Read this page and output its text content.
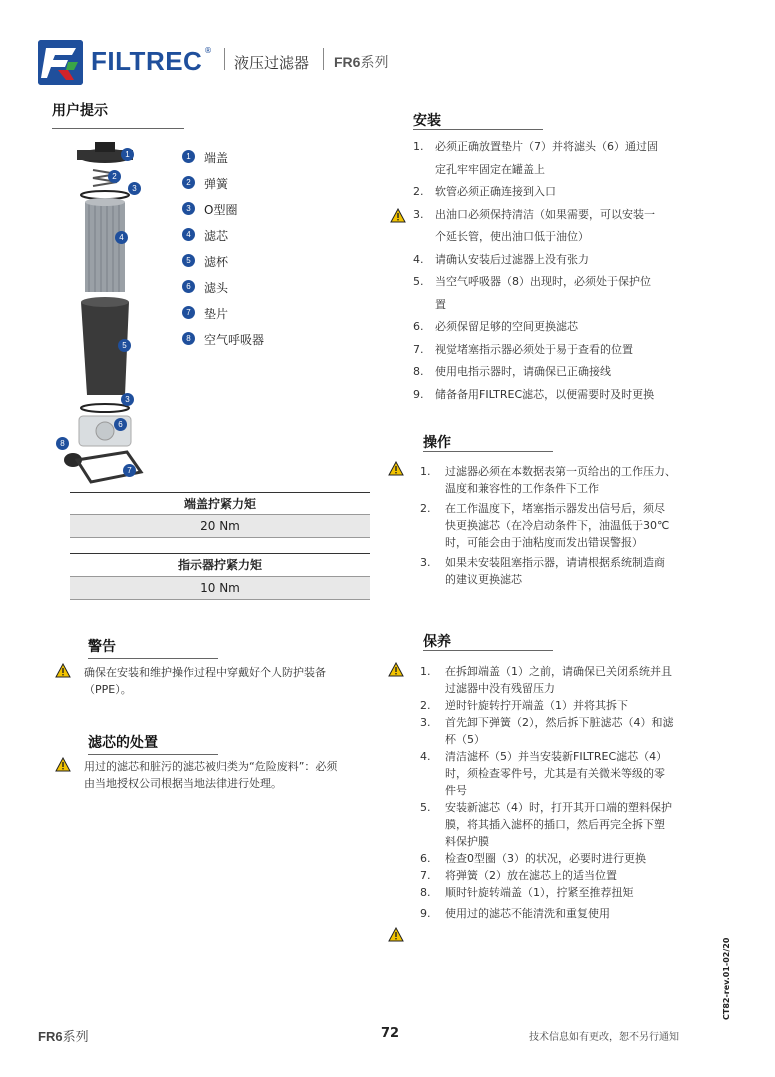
FILTREC ®
液压过滤器 FR6系列
用户提示
1
2
3
4
5
3
6
8
7
1	端盖
2	弹簧
3	O型圈
4	滤芯
5	滤杯
6	滤头
7	垫片
8	空气呼吸器
端盖拧紧力矩
20 Nm
指示器拧紧力矩
10 Nm
警告
确保在安装和维护操作过程中穿戴好个人防护装备
（PPE）。
滤芯的处置
用过的滤芯和脏污的滤芯被归类为“危险废料”：必须
由当地授权公司根据当地法律进行处理。
安装
1. 必须正确放置垫片（7）并将滤头（6）通过固
定孔牢牢固定在罐盖上
2. 软管必须正确连接到入口
3. 出油口必须保持清洁（如果需要，可以安装一
个延长管，使出油口低于油位）
4. 请确认安装后过滤器上没有张力
5. 当空气呼吸器（8）出现时，必须处于保护位
置
6. 必须保留足够的空间更换滤芯
7. 视觉堵塞指示器必须处于易于查看的位置
8. 使用电指示器时，请确保已正确接线
9. 储备备用FILTREC滤芯，以便需要时及时更换
操作
1. 过滤器必须在本数据表第一页给出的工作压力、
温度和兼容性的工作条件下工作
2. 在工作温度下，堵塞指示器发出信号后，须尽
快更换滤芯（在冷启动条件下，油温低于30℃
时，可能会由于油粘度而发出错误警报）
3. 如果未安装阻塞指示器，请请根据系统制造商
的建议更换滤芯
保养
1. 在拆卸端盖（1）之前，请确保已关闭系统并且
过滤器中没有残留压力
2. 逆时针旋转拧开端盖（1）并将其拆下
3. 首先卸下弹簧（2），然后拆下脏滤芯（4）和滤
杯（5）
4. 清洁滤杯（5）并当安装新FILTREC滤芯（4）
时，须检查零件号，尤其是有关微米等级的零
件号
5. 安装新滤芯（4）时，打开其开口端的塑料保护
膜，将其插入滤杯的插口，然后再完全拆下塑
料保护膜
6. 检查0型圈（3）的状况，必要时进行更换
7. 将弹簧（2）放在滤芯上的适当位置
8. 顺时针旋转端盖（1），拧紧至推荐扭矩
9. 使用过的滤芯不能清洗和重复使用
CT82-rev.01-02/20
FR6系列	72	技术信息如有更改，恕不另行通知
